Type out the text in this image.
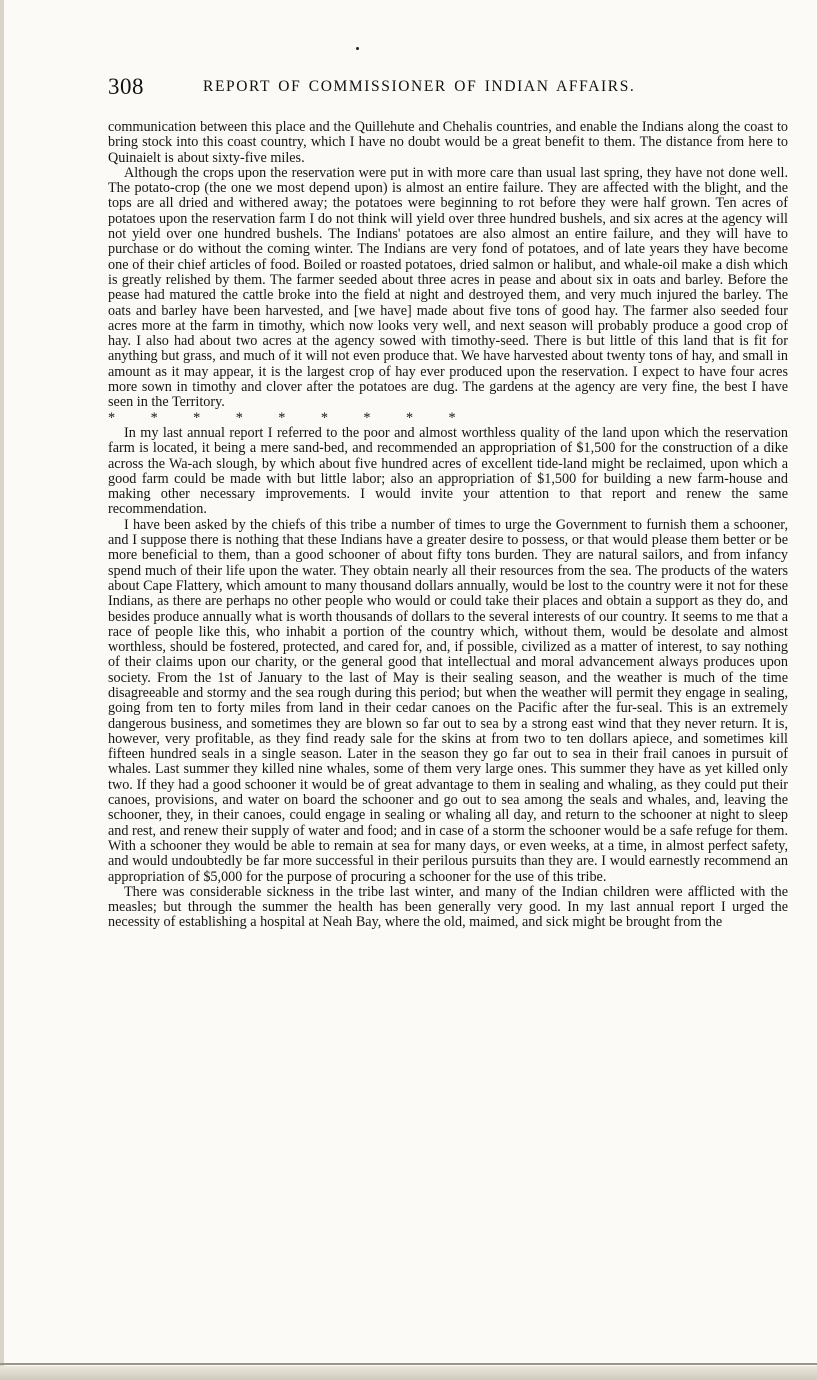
308	REPORT OF COMMISSIONER OF INDIAN AFFAIRS.

communication between this place and the Quillehute and Chehalis countries, and enable the Indians along the coast to bring stock into this coast country, which I have no doubt would be a great benefit to them. The distance from here to Quinaielt is about sixty-five miles.

Although the crops upon the reservation were put in with more care than usual last spring, they have not done well. The potato-crop (the one we most depend upon) is almost an entire failure. They are affected with the blight, and the tops are all dried and withered away; the potatoes were beginning to rot before they were half grown. Ten acres of potatoes upon the reservation farm I do not think will yield over three hundred bushels, and six acres at the agency will not yield over one hundred bushels. The Indians' potatoes are also almost an entire failure, and they will have to purchase or do without the coming winter. The Indians are very fond of potatoes, and of late years they have become one of their chief articles of food. Boiled or roasted potatoes, dried salmon or halibut, and whale-oil make a dish which is greatly relished by them. The farmer seeded about three acres in pease and about six in oats and barley. Before the pease had matured the cattle broke into the field at night and destroyed them, and very much injured the barley. The oats and barley have been harvested, and [we have] made about five tons of good hay. The farmer also seeded four acres more at the farm in timothy, which now looks very well, and next season will probably produce a good crop of hay. I also had about two acres at the agency sowed with timothy-seed. There is but little of this land that is fit for anything but grass, and much of it will not even produce that. We have harvested about twenty tons of hay, and small in amount as it may appear, it is the largest crop of hay ever produced upon the reservation. I expect to have four acres more sown in timothy and clover after the potatoes are dug. The gardens at the agency are very fine, the best I have seen in the Territory.

*          *          *          *          *          *          *          *          *

In my last annual report I referred to the poor and almost worthless quality of the land upon which the reservation farm is located, it being a mere sand-bed, and recommended an appropriation of $1,500 for the construction of a dike across the Wa-ach slough, by which about five hundred acres of excellent tide-land might be reclaimed, upon which a good farm could be made with but little labor; also an appropriation of $1,500 for building a new farm-house and making other necessary improvements. I would invite your attention to that report and renew the same recommendation.

I have been asked by the chiefs of this tribe a number of times to urge the Government to furnish them a schooner, and I suppose there is nothing that these Indians have a greater desire to possess, or that would please them better or be more beneficial to them, than a good schooner of about fifty tons burden. They are natural sailors, and from infancy spend much of their life upon the water. They obtain nearly all their resources from the sea. The products of the waters about Cape Flattery, which amount to many thousand dollars annually, would be lost to the country were it not for these Indians, as there are perhaps no other people who would or could take their places and obtain a support as they do, and besides produce annually what is worth thousands of dollars to the several interests of our country. It seems to me that a race of people like this, who inhabit a portion of the country which, without them, would be desolate and almost worthless, should be fostered, protected, and cared for, and, if possible, civilized as a matter of interest, to say nothing of their claims upon our charity, or the general good that intellectual and moral advancement always produces upon society. From the 1st of January to the last of May is their sealing season, and the weather is much of the time disagreeable and stormy and the sea rough during this period; but when the weather will permit they engage in sealing, going from ten to forty miles from land in their cedar canoes on the Pacific after the fur-seal. This is an extremely dangerous business, and sometimes they are blown so far out to sea by a strong east wind that they never return. It is, however, very profitable, as they find ready sale for the skins at from two to ten dollars apiece, and sometimes kill fifteen hundred seals in a single season. Later in the season they go far out to sea in their frail canoes in pursuit of whales. Last summer they killed nine whales, some of them very large ones. This summer they have as yet killed only two. If they had a good schooner it would be of great advantage to them in sealing and whaling, as they could put their canoes, provisions, and water on board the schooner and go out to sea among the seals and whales, and, leaving the schooner, they, in their canoes, could engage in sealing or whaling all day, and return to the schooner at night to sleep and rest, and renew their supply of water and food; and in case of a storm the schooner would be a safe refuge for them. With a schooner they would be able to remain at sea for many days, or even weeks, at a time, in almost perfect safety, and would undoubtedly be far more successful in their perilous pursuits than they are. I would earnestly recommend an appropriation of $5,000 for the purpose of procuring a schooner for the use of this tribe.

There was considerable sickness in the tribe last winter, and many of the Indian children were afflicted with the measles; but through the summer the health has been generally very good. In my last annual report I urged the necessity of establishing a hospital at Neah Bay, where the old, maimed, and sick might be brought from the
